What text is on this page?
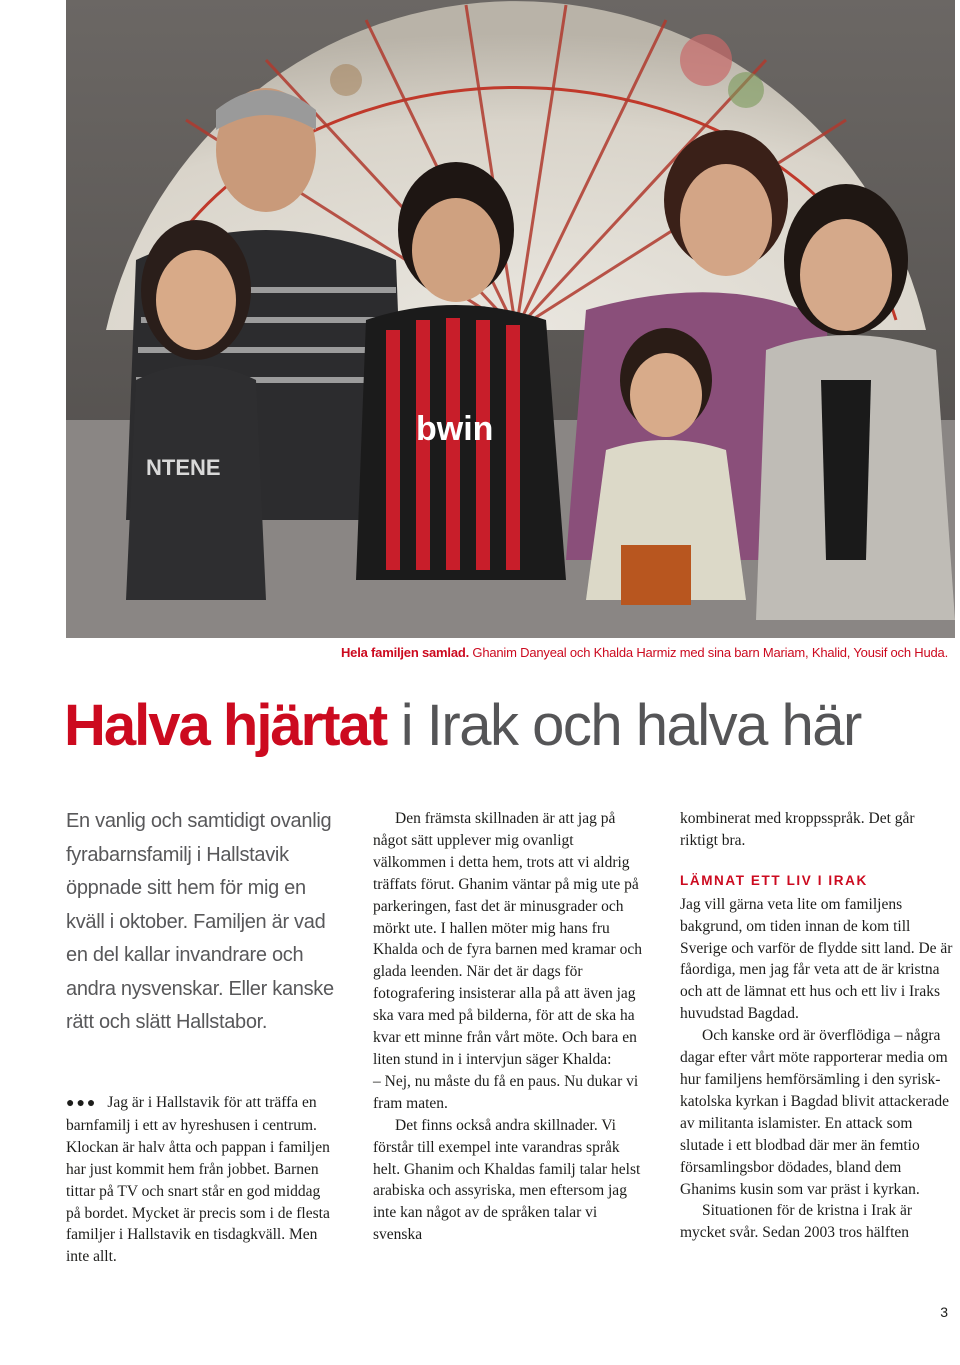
NTENE
bwin
Hela familjen samlad. Ghanim Danyeal och Khalda Harmiz med sina barn Mariam, Khalid, Yousif och Huda.
Halva hjärtat i Irak och halva här

En vanlig och samtidigt ovanlig fyrabarnsfamilj i Hallstavik öppnade sitt hem för mig en kväll i oktober. Familjen är vad en del kallar invandrare och andra nysvenskar. Eller kanske rätt och slätt Hallstabor.

●●● Jag är i Hallstavik för att träffa en barnfamilj i ett av hyreshusen i centrum. Klockan är halv åtta och pappan i familjen har just kommit hem från jobbet. Barnen tittar på TV och snart står en god middag på bordet. Mycket är precis som i de flesta familjer i Hallstavik en tisdagkväll. Men inte allt.

Den främsta skillnaden är att jag på något sätt upplever mig ovanligt välkommen i detta hem, trots att vi aldrig träffats förut. Ghanim väntar på mig ute på parkeringen, fast det är minusgrader och mörkt ute. I hallen möter mig hans fru Khalda och de fyra barnen med kramar och glada leenden. När det är dags för fotografering insisterar alla på att även jag ska vara med på bilderna, för att de ska ha kvar ett minne från vårt möte. Och bara en liten stund in i intervjun säger Khalda:

– Nej, nu måste du få en paus. Nu dukar vi fram maten.

Det finns också andra skillnader. Vi förstår till exempel inte varandras språk helt. Ghanim och Khaldas familj talar helst arabiska och assyriska, men eftersom jag inte kan något av de språken talar vi svenska

kombinerat med kroppsspråk. Det går riktigt bra.

LÄMNAT ETT LIV I IRAK

Jag vill gärna veta lite om familjens bakgrund, om tiden innan de kom till Sverige och varför de flydde sitt land. De är fåordiga, men jag får veta att de är kristna och att de lämnat ett hus och ett liv i Iraks huvudstad Bagdad.

Och kanske ord är överflödiga – några dagar efter vårt möte rapporterar media om hur familjens hemförsämling i den syrisk-katolska kyrkan i Bagdad blivit attackerade av militanta islamister. En attack som slutade i ett blodbad där mer än femtio församlingsbor dödades, bland dem Ghanims kusin som var präst i kyrkan.

Situationen för de kristna i Irak är mycket svår. Sedan 2003 tros hälften

3
